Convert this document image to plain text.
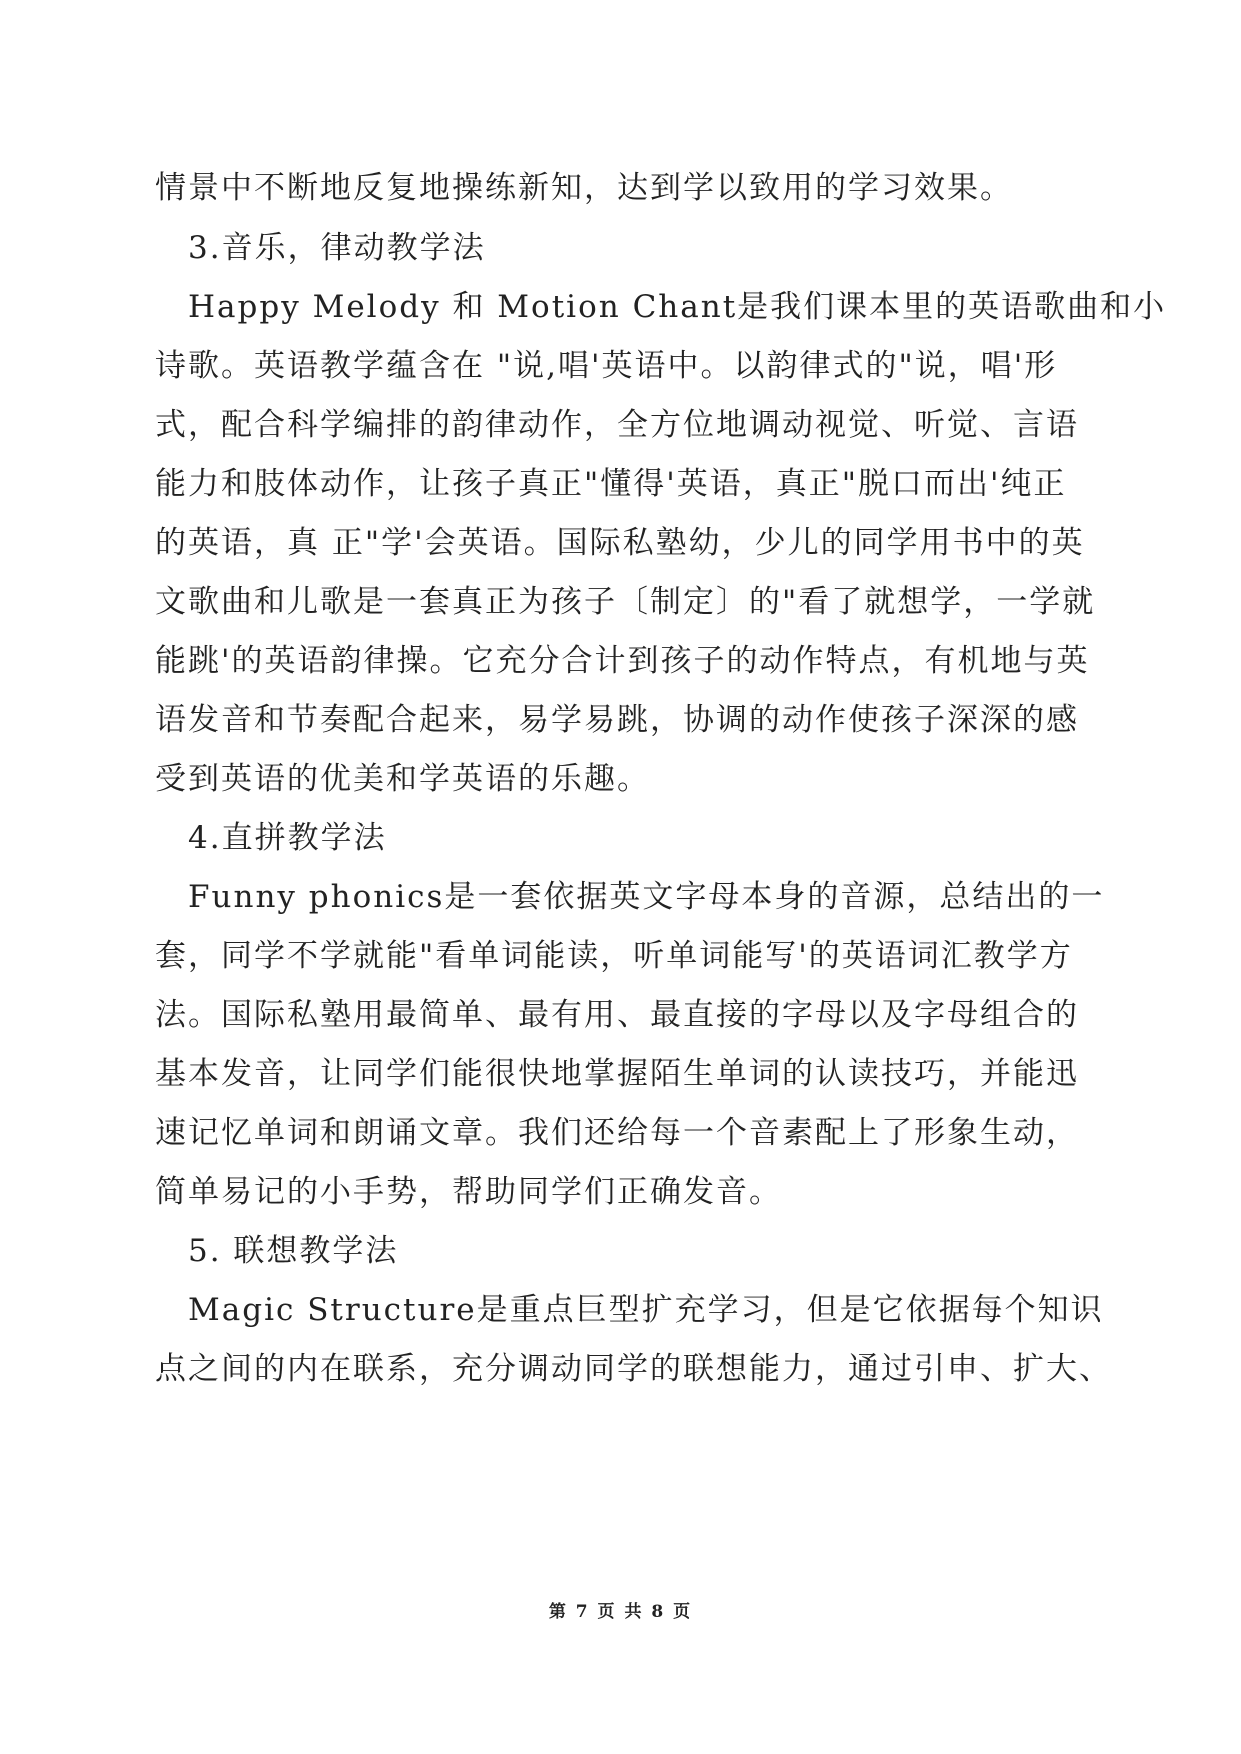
情景中不断地反复地操练新知，达到学以致用的学习效果。
3.音乐，律动教学法
Happy Melody 和 Motion Chant是我们课本里的英语歌曲和小
诗歌。英语教学蕴含在 "说,唱'英语中。以韵律式的"说，唱'形
式，配合科学编排的韵律动作，全方位地调动视觉、听觉、言语
能力和肢体动作，让孩子真正"懂得'英语，真正"脱口而出'纯正
的英语，真 正"学'会英语。国际私塾幼，少儿的同学用书中的英
文歌曲和儿歌是一套真正为孩子〔制定〕的"看了就想学，一学就
能跳'的英语韵律操。它充分合计到孩子的动作特点，有机地与英
语发音和节奏配合起来，易学易跳，协调的动作使孩子深深的感
受到英语的优美和学英语的乐趣。
4.直拼教学法
Funny phonics是一套依据英文字母本身的音源，总结出的一
套，同学不学就能"看单词能读，听单词能写'的英语词汇教学方
法。国际私塾用最简单、最有用、最直接的字母以及字母组合的
基本发音，让同学们能很快地掌握陌生单词的认读技巧，并能迅
速记忆单词和朗诵文章。我们还给每一个音素配上了形象生动，
简单易记的小手势，帮助同学们正确发音。
5. 联想教学法
Magic Structure是重点巨型扩充学习，但是它依据每个知识
点之间的内在联系，充分调动同学的联想能力，通过引申、扩大、
第 7 页 共 8 页
